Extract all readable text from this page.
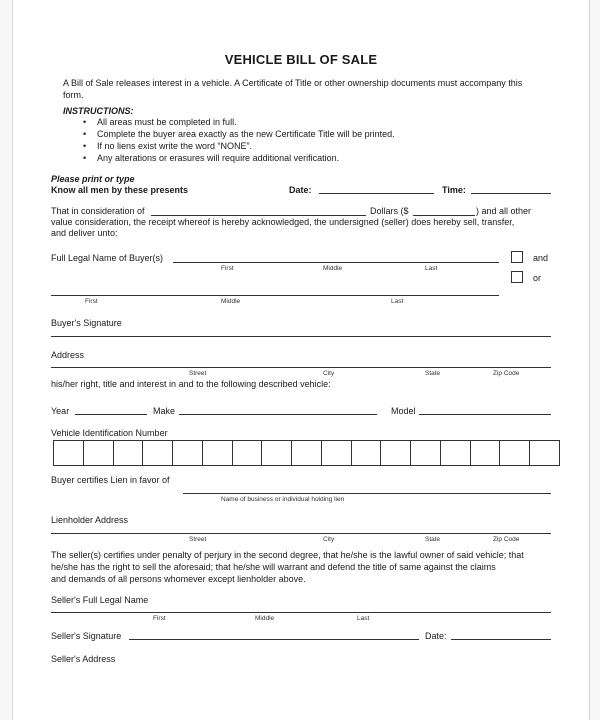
VEHICLE BILL OF SALE
A Bill of Sale releases interest in a vehicle. A Certificate of Title or other ownership documents must accompany this
form.
INSTRUCTIONS:
• All areas must be completed in full.
• Complete the buyer area exactly as the new Certificate Title will be printed.
• If no liens exist write the word “NONE”.
• Any alterations or erasures will require additional verification.
Please print or type
Know all men by these presents	Date:	Time:
That in consideration of	Dollars ($	) and all other
value consideration, the receipt whereof is hereby acknowledged, the undersigned (seller) does hereby sell, transfer,
and deliver unto:
Full Legal Name of Buyer(s)
First	Middle	Last
and
or
First	Middle	Last
Buyer's Signature
Address
Street	City	State	Zip Code
his/her right, title and interest in and to the following described vehicle:
Year	Make	Model
Vehicle Identification Number
Buyer certifies Lien in favor of
Name of business or individual holding lien
Lienholder Address
Street	City	State	Zip Code
The seller(s) certifies under penalty of perjury in the second degree, that he/she is the lawful owner of said vehicle; that
he/she has the right to sell the aforesaid; that he/she will warrant and defend the title of same against the claims
and demands of all persons whomever except lienholder above.
Seller's Full Legal Name
First	Middle	Last
Seller's Signature	Date:
Seller's Address
